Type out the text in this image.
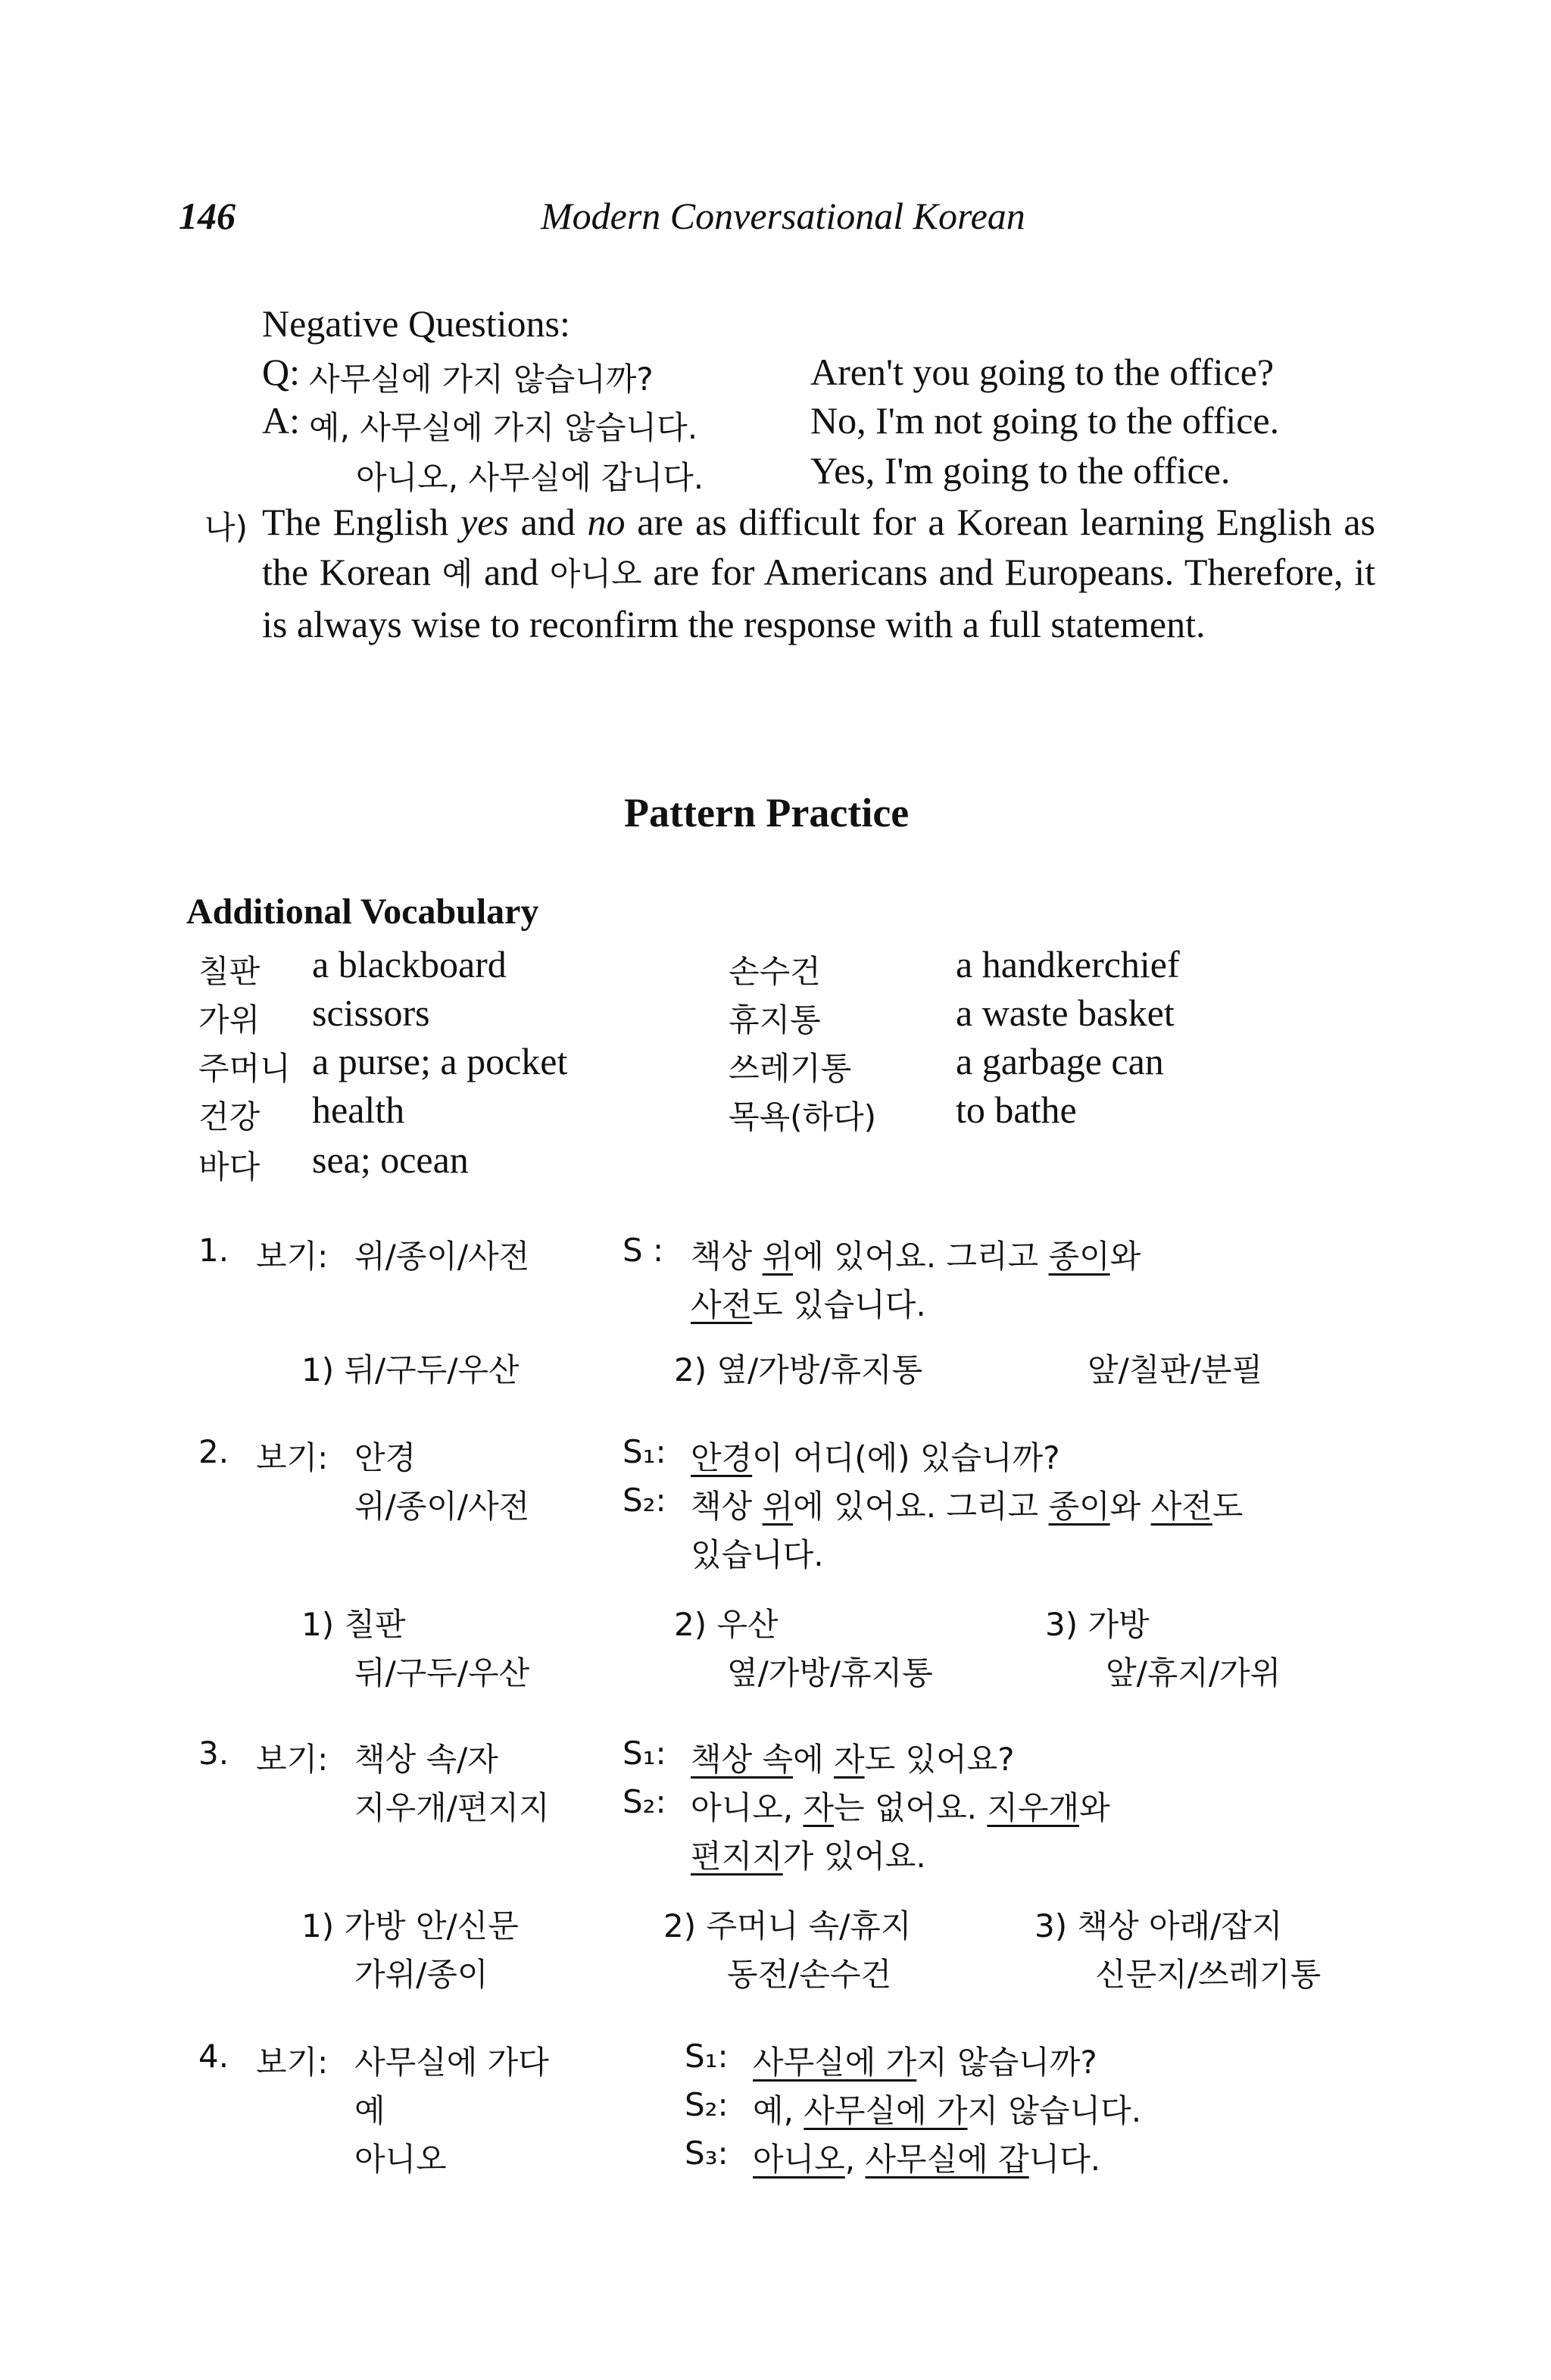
146	Modern Conversational Korean
Negative Questions:
Q: 사무실에 가지 않습니까?	Aren't you going to the office?
A: 예, 사무실에 가지 않습니다.	No, I'm not going to the office.
아니오, 사무실에 갑니다.	Yes, I'm going to the office.
나) The English yes and no are as difficult for a Korean learning English as the Korean 예 and 아니오 are for Americans and Europeans. Therefore, it is always wise to reconfirm the response with a full statement.
Pattern Practice
Additional Vocabulary
칠판 a blackboard
가위 scissors
주머니 a purse; a pocket
건강 health
바다 sea; ocean
손수건	a handkerchief
휴지통	a waste basket
쓰레기통	a garbage can
목욕(하다) to bathe
1. 보기: 위/종이/사전	S : 책상 위에 있어요. 그리고 종이와
사전도 있습니다.
1) 뒤/구두/우산	2) 옆/가방/휴지통	앞/칠판/분필
2. 보기: 안경
위/종이/사전
S₁: 안경이 어디(에) 있습니까?
S₂: 책상 위에 있어요. 그리고 종이와 사전도
있습니다.
1) 칠판	2) 우산	3) 가방
뒤/구두/우산	옆/가방/휴지통	앞/휴지/가위
3. 보기: 책상 속/자
지우개/편지지
S₁: 책상 속에 자도 있어요?
S₂: 아니오, 자는 없어요. 지우개와
편지지가 있어요.
1) 가방 안/신문	2) 주머니 속/휴지	3) 책상 아래/잡지
가위/종이	동전/손수건	신문지/쓰레기통
4. 보기: 사무실에 가다
예
아니오
S₁: 사무실에 가지 않습니까?
S₂: 예, 사무실에 가지 않습니다.
S₃: 아니오, 사무실에 갑니다.
